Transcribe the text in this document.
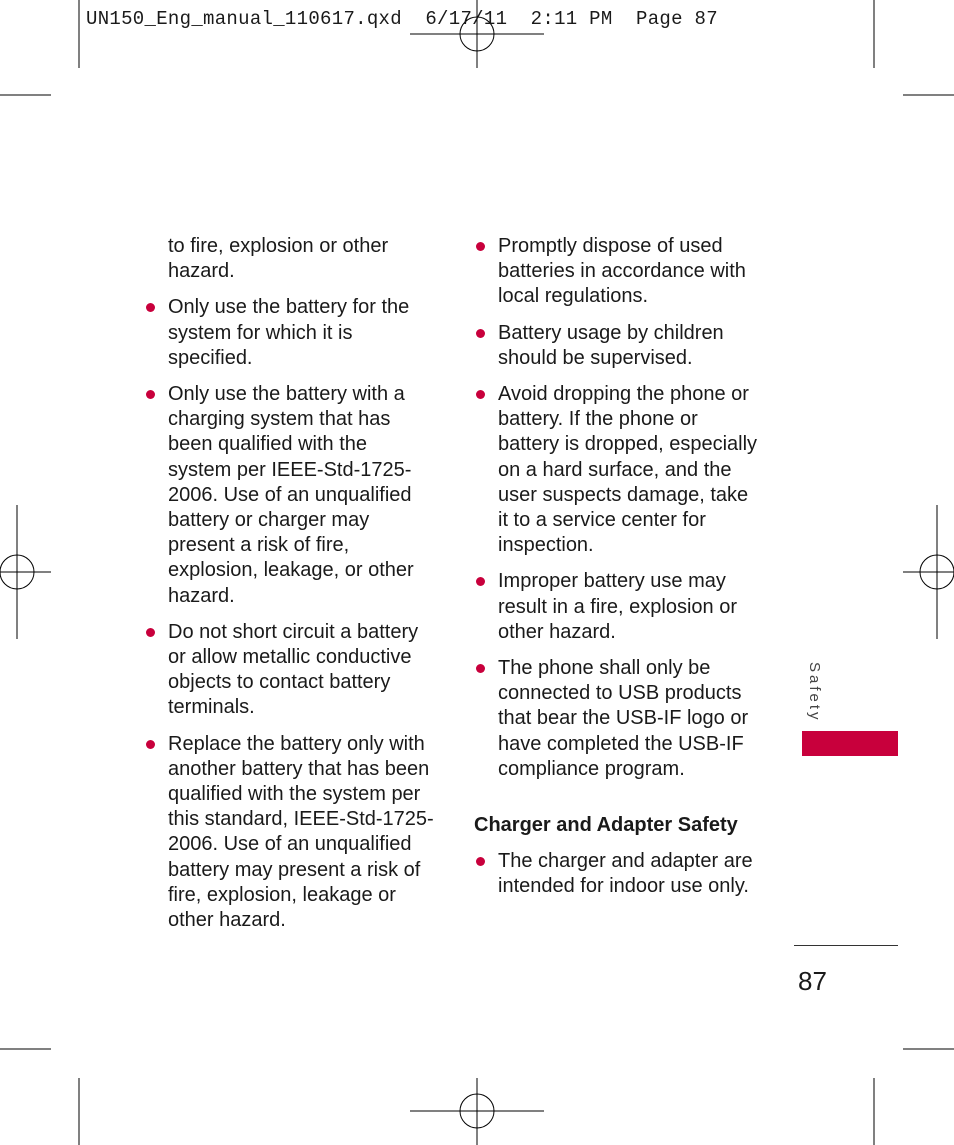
UN150_Eng_manual_110617.qxd  6/17/11  2:11 PM  Page 87
to fire, explosion or other hazard.
Only use the battery for the system for which it is specified.
Only use the battery with a charging system that has been qualified with the system per IEEE-Std-1725-2006. Use of an unqualified battery or charger may present a risk of fire, explosion, leakage, or other hazard.
Do not short circuit a battery or allow metallic conductive objects to contact battery terminals.
Replace the battery only with another battery that has been qualified with the system per this standard, IEEE-Std-1725-2006. Use of an unqualified battery may present a risk of fire, explosion, leakage or other hazard.
Promptly dispose of used batteries in accordance with local regulations.
Battery usage by children should be supervised.
Avoid dropping the phone or battery. If the phone or battery is dropped, especially on a hard surface, and the user suspects damage, take it to a service center for inspection.
Improper battery use may result in a fire, explosion or other hazard.
The phone shall only be connected to USB products that bear the USB-IF logo or have completed the USB-IF compliance program.
Charger and Adapter Safety
The charger and adapter are intended for indoor use only.
Safety
87
